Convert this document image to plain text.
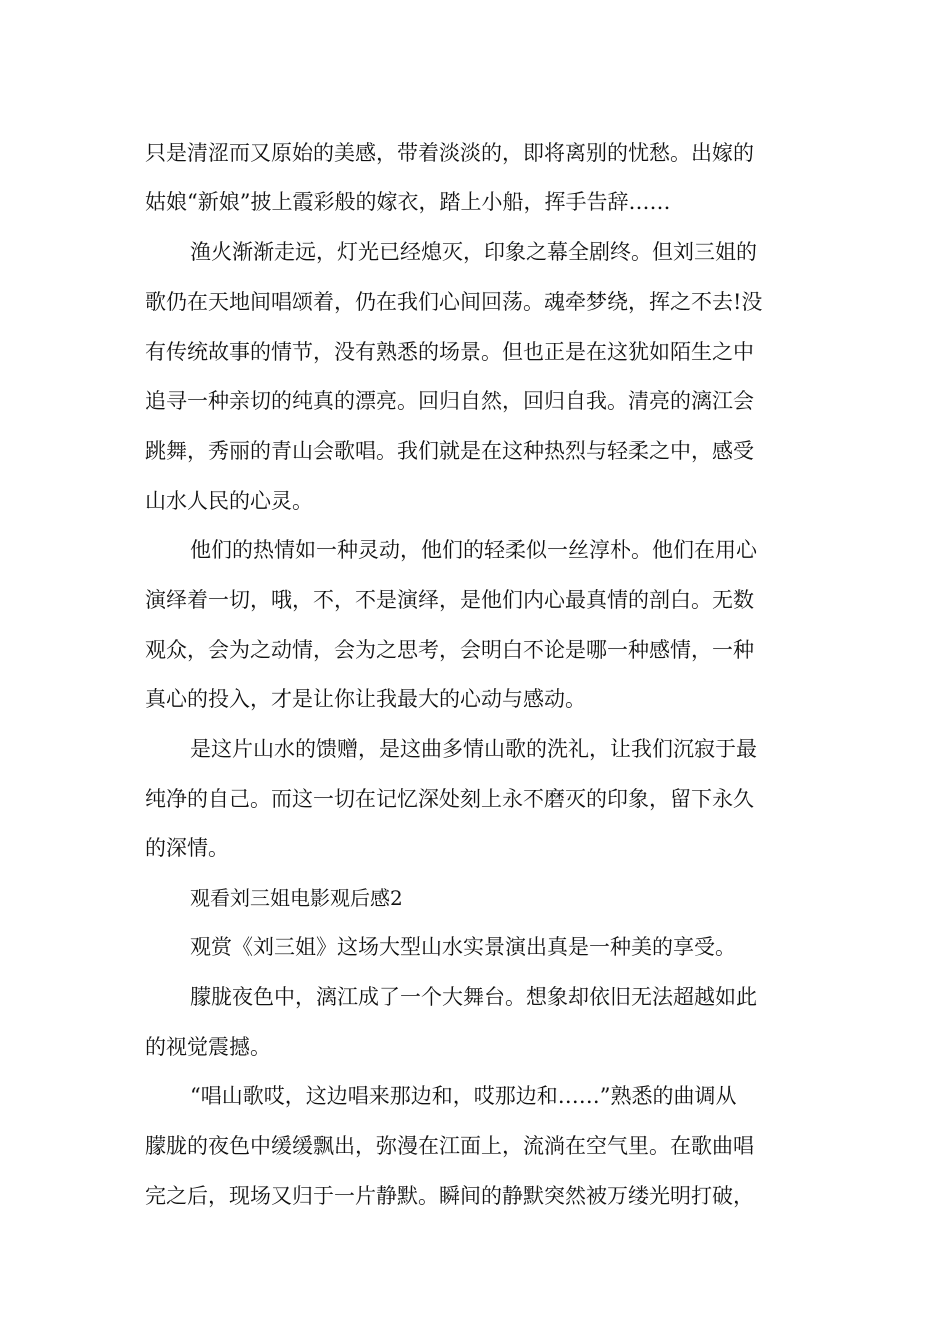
只是清涩而又原始的美感，带着淡淡的，即将离别的忧愁。出嫁的
姑娘“新娘”披上霞彩般的嫁衣，踏上小船，挥手告辞……
渔火渐渐走远，灯光已经熄灭，印象之幕全剧终。但刘三姐的
歌仍在天地间唱颂着，仍在我们心间回荡。魂牵梦绕，挥之不去!没
有传统故事的情节，没有熟悉的场景。但也正是在这犹如陌生之中
追寻一种亲切的纯真的漂亮。回归自然，回归自我。清亮的漓江会
跳舞，秀丽的青山会歌唱。我们就是在这种热烈与轻柔之中，感受
山水人民的心灵。
他们的热情如一种灵动，他们的轻柔似一丝淳朴。他们在用心
演绎着一切，哦，不，不是演绎，是他们内心最真情的剖白。无数
观众，会为之动情，会为之思考，会明白不论是哪一种感情，一种
真心的投入，才是让你让我最大的心动与感动。
是这片山水的馈赠，是这曲多情山歌的洗礼，让我们沉寂于最
纯净的自己。而这一切在记忆深处刻上永不磨灭的印象，留下永久
的深情。
观看刘三姐电影观后感2
观赏《刘三姐》这场大型山水实景演出真是一种美的享受。
朦胧夜色中，漓江成了一个大舞台。想象却依旧无法超越如此
的视觉震撼。
“唱山歌哎，这边唱来那边和，哎那边和……”熟悉的曲调从
朦胧的夜色中缓缓飘出，弥漫在江面上，流淌在空气里。在歌曲唱
完之后，现场又归于一片静默。瞬间的静默突然被万缕光明打破，
